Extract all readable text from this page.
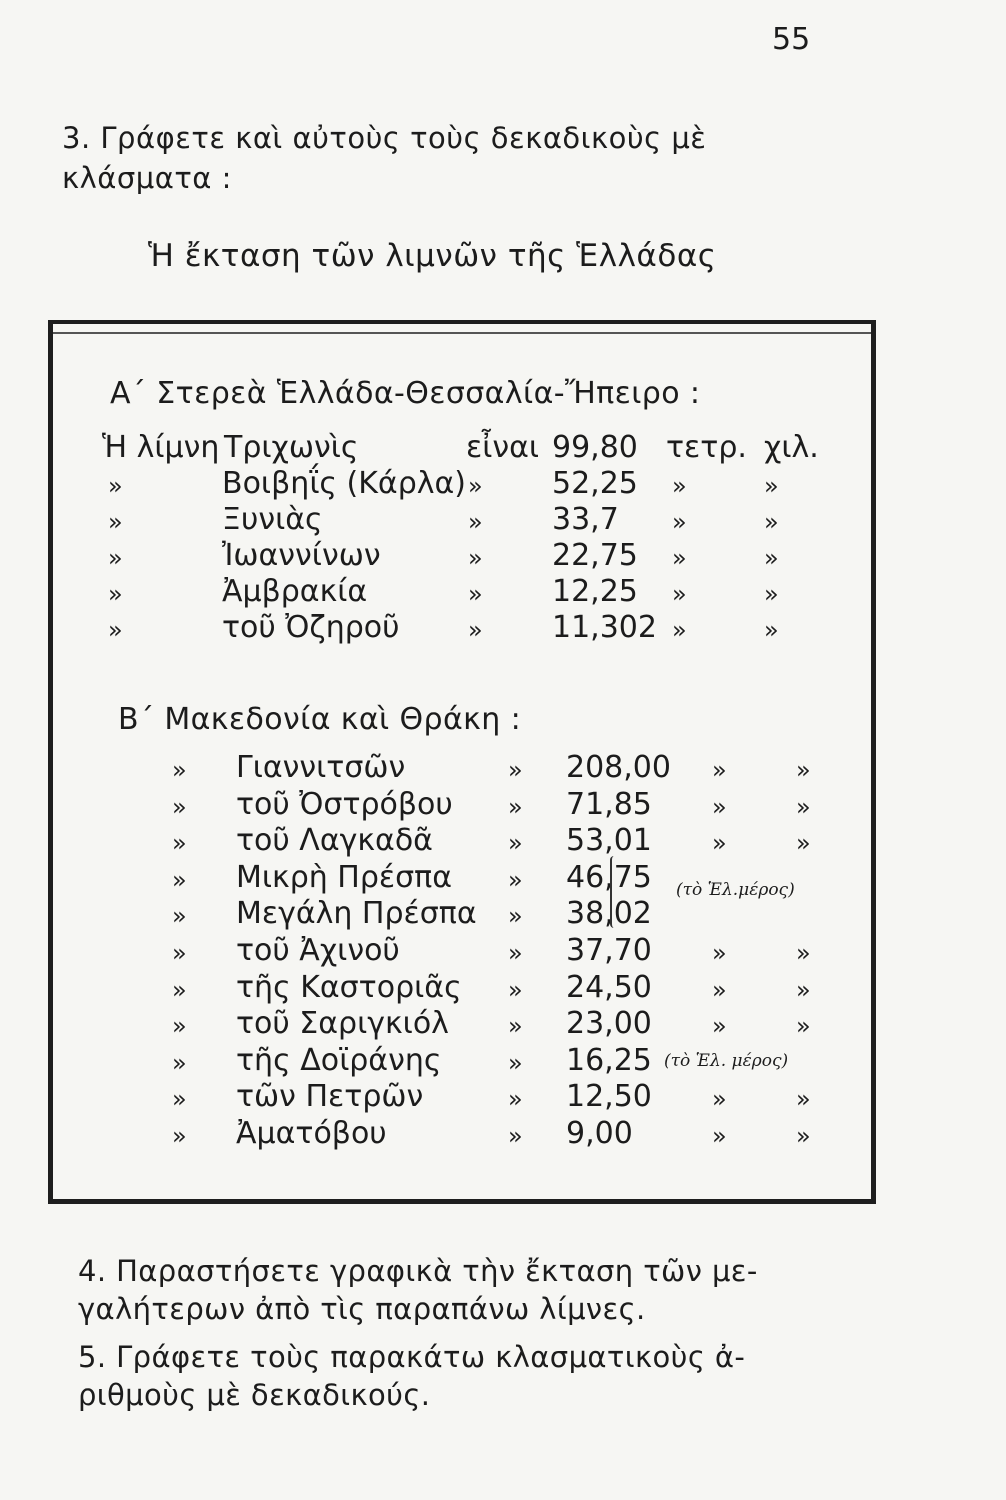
55
3. Γράφετε καὶ αὐτοὺς τοὺς δεκαδικοὺς μὲ
κλάσματα :
Ἡ ἔκταση τῶν λιμνῶν τῆς Ἑλλάδας
Α΄ Στερεὰ Ἑλλάδα-Θεσσαλία-Ἤπειρο :
Ἡ λίμνη Τριχωνὶς	εἶναι 99,80 τετρ. χιλ.
»	Βοιβηΐς (Κάρλα) » 52,25 »	»
»	Ξυνιὰς	» 33,7 »	»
»	Ἰωαννίνων	» 22,75 »	»
»	Ἀμβρακία	» 12,25 »	»
»	τοῦ Ὀζηροῦ	» 11,302 »	»
Β΄ Μακεδονία καὶ Θράκη :
» Γιαννιτσῶν	» 208,00 »	»
» τοῦ Ὀστρόβου » 71,85	»	»
» τοῦ Λαγκαδᾶ	» 53,01	»	»
» Μικρὴ Πρέσπα » 46,75
» Μεγάλη Πρέσπα » 38,02
» τοῦ Ἀχινοῦ	» 37,70	»	»
» τῆς Καστοριᾶς » 24,50	»	»
» τοῦ Σαριγκιόλ » 23,00	»	»
» τῆς Δοϊράνης	» 16,25 (τὸ Ἑλ. μέρος)
» τῶν Πετρῶν	» 12,50	»	»
» Ἀματόβου	» 9,00	»	»
(τὸ Ἑλ.μέρος)
4. Παραστήσετε γραφικὰ τὴν ἔκταση τῶν με-
γαλήτερων ἀπὸ τὶς παραπάνω λίμνες.
5. Γράφετε τοὺς παρακάτω κλασματικοὺς ἀ-
ριθμοὺς μὲ δεκαδικούς.
